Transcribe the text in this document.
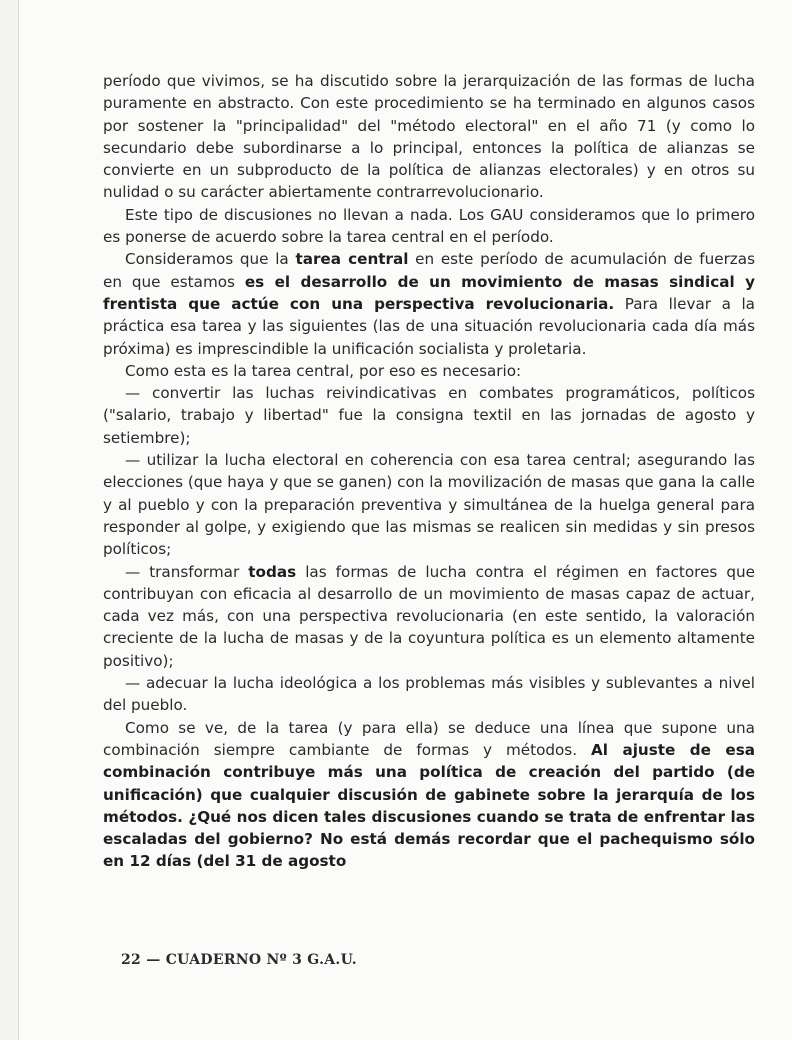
período que vivimos, se ha discutido sobre la jerarquización de las formas de lucha puramente en abstracto. Con este procedimiento se ha terminado en algunos casos por sostener la "principalidad" del "método electoral" en el año 71 (y como lo secundario debe subordinarse a lo principal, entonces la política de alianzas se convierte en un subproducto de la política de alianzas electorales) y en otros su nulidad o su carácter abiertamente contrarrevolucionario.

Este tipo de discusiones no llevan a nada. Los GAU consideramos que lo primero es ponerse de acuerdo sobre la tarea central en el período.

Consideramos que la tarea central en este período de acumulación de fuerzas en que estamos es el desarrollo de un movimiento de masas sindical y frentista que actúe con una perspectiva revolucionaria. Para llevar a la práctica esa tarea y las siguientes (las de una situación revolucionaria cada día más próxima) es imprescindible la unificación socialista y proletaria.

Como esta es la tarea central, por eso es necesario:

— convertir las luchas reivindicativas en combates programáticos, políticos ("salario, trabajo y libertad" fue la consigna textil en las jornadas de agosto y setiembre);

— utilizar la lucha electoral en coherencia con esa tarea central; asegurando las elecciones (que haya y que se ganen) con la movilización de masas que gana la calle y al pueblo y con la preparación preventiva y simultánea de la huelga general para responder al golpe, y exigiendo que las mismas se realicen sin medidas y sin presos políticos;

— transformar todas las formas de lucha contra el régimen en factores que contribuyan con eficacia al desarrollo de un movimiento de masas capaz de actuar, cada vez más, con una perspectiva revolucionaria (en este sentido, la valoración creciente de la lucha de masas y de la coyuntura política es un elemento altamente positivo);

— adecuar la lucha ideológica a los problemas más visibles y sublevantes a nivel del pueblo.

Como se ve, de la tarea (y para ella) se deduce una línea que supone una combinación siempre cambiante de formas y métodos. Al ajuste de esa combinación contribuye más una política de creación del partido (de unificación) que cualquier discusión de gabinete sobre la jerarquía de los métodos. ¿Qué nos dicen tales discusiones cuando se trata de enfrentar las escaladas del gobierno? No está demás recordar que el pachequismo sólo en 12 días (del 31 de agosto

22 — CUADERNO Nº 3 G.A.U.
